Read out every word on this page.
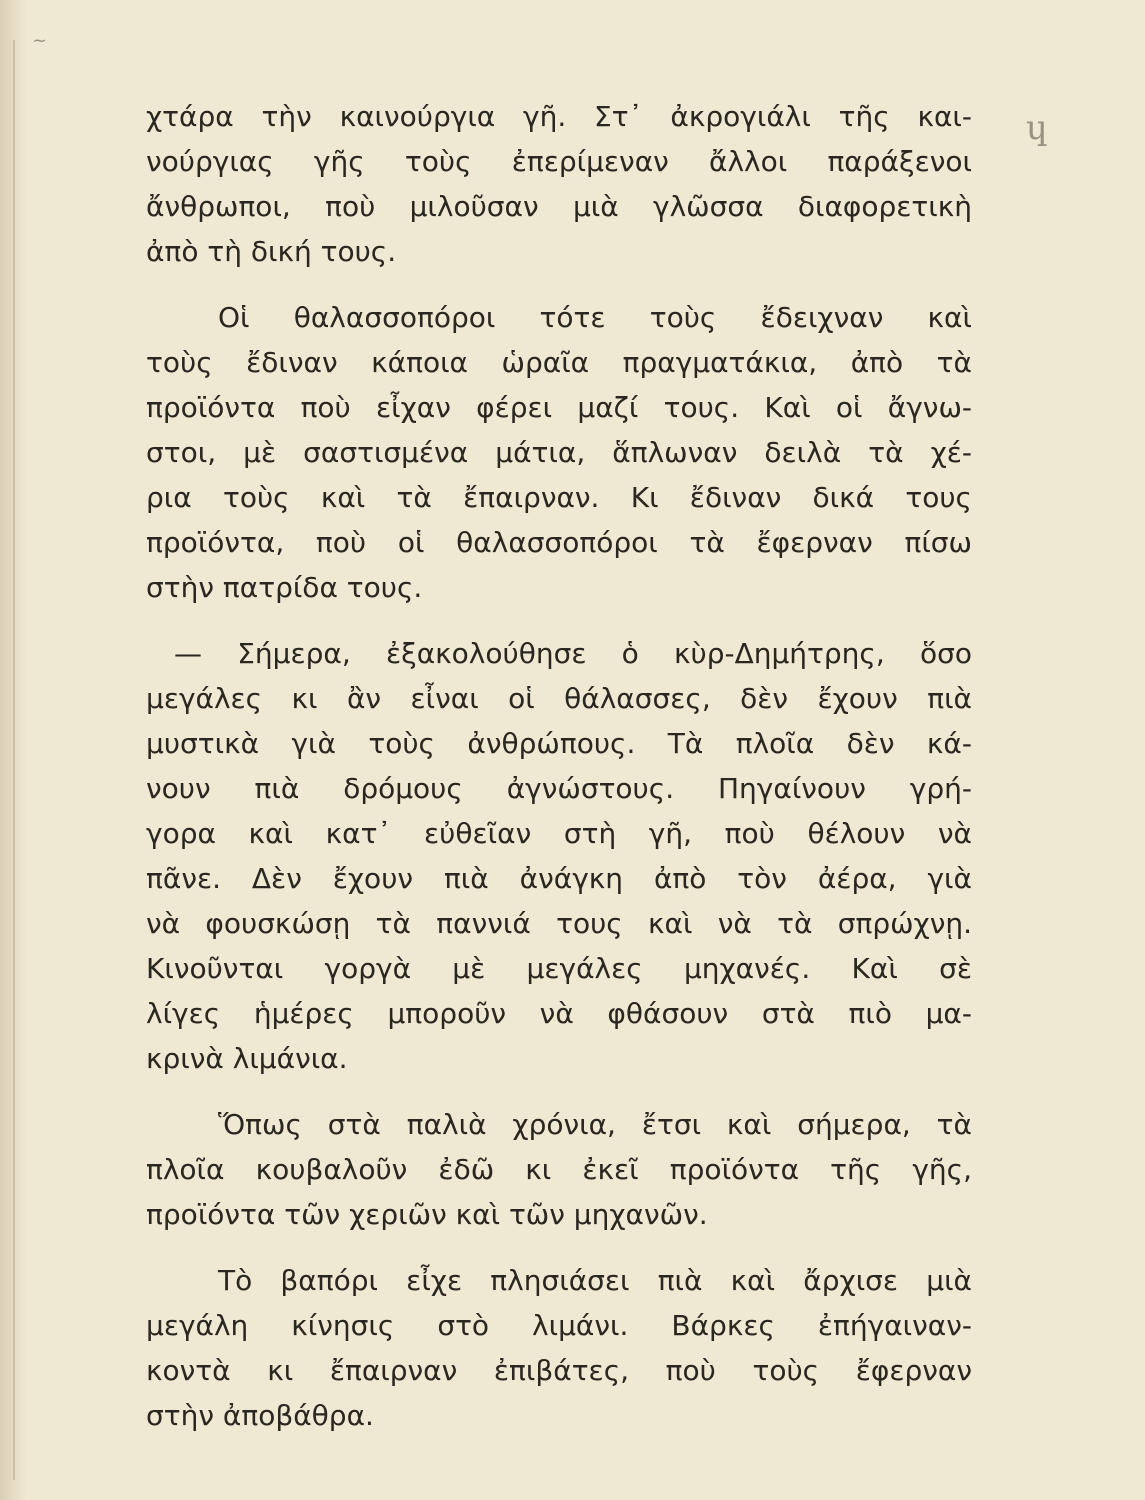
ɥ
~
χτάρα τὴν καινούργια γῆ. Στ᾽ ἀκρογιάλι τῆς και-
νούργιας γῆς τοὺς ἐπερίμεναν ἄλλοι παράξενοι
ἄνθρωποι, ποὺ μιλοῦσαν μιὰ γλῶσσα διαφορετικὴ
ἀπὸ τὴ δική τους.
Οἱ θαλασσοπόροι τότε τοὺς ἔδειχναν καὶ
τοὺς ἔδιναν κάποια ὡραῖα πραγματάκια, ἀπὸ τὰ
προϊόντα ποὺ εἶχαν φέρει μαζί τους. Καὶ οἱ ἄγνω-
στοι, μὲ σαστισμένα μάτια, ἅπλωναν δειλὰ τὰ χέ-
ρια τοὺς καὶ τὰ ἔπαιρναν. Κι ἔδιναν δικά τους
προϊόντα, ποὺ οἱ θαλασσοπόροι τὰ ἔφερναν πίσω
στὴν πατρίδα τους.
— Σήμερα, ἐξακολούθησε ὁ κὺρ-Δημήτρης, ὅσο
μεγάλες κι ἂν εἶναι οἱ θάλασσες, δὲν ἔχουν πιὰ
μυστικὰ γιὰ τοὺς ἀνθρώπους. Τὰ πλοῖα δὲν κά-
νουν πιὰ δρόμους ἀγνώστους. Πηγαίνουν γρή-
γορα καὶ κατ᾽ εὐθεῖαν στὴ γῆ, ποὺ θέλουν νὰ
πᾶνε. Δὲν ἔχουν πιὰ ἀνάγκη ἀπὸ τὸν ἀέρα, γιὰ
νὰ φουσκώσῃ τὰ παννιά τους καὶ νὰ τὰ σπρώχνῃ.
Κινοῦνται γοργὰ μὲ μεγάλες μηχανές. Καὶ σὲ
λίγες ἡμέρες μποροῦν νὰ φθάσουν στὰ πιὸ μα-
κρινὰ λιμάνια.
Ὅπως στὰ παλιὰ χρόνια, ἔτσι καὶ σήμερα, τὰ
πλοῖα κουβαλοῦν ἐδῶ κι ἐκεῖ προϊόντα τῆς γῆς,
προϊόντα τῶν χεριῶν καὶ τῶν μηχανῶν.
Τὸ βαπόρι εἶχε πλησιάσει πιὰ καὶ ἄρχισε μιὰ
μεγάλη κίνησις στὸ λιμάνι. Βάρκες ἐπήγαιναν-
κοντὰ κι ἔπαιρναν ἐπιβάτες, ποὺ τοὺς ἔφερναν
στὴν ἀποβάθρα.
